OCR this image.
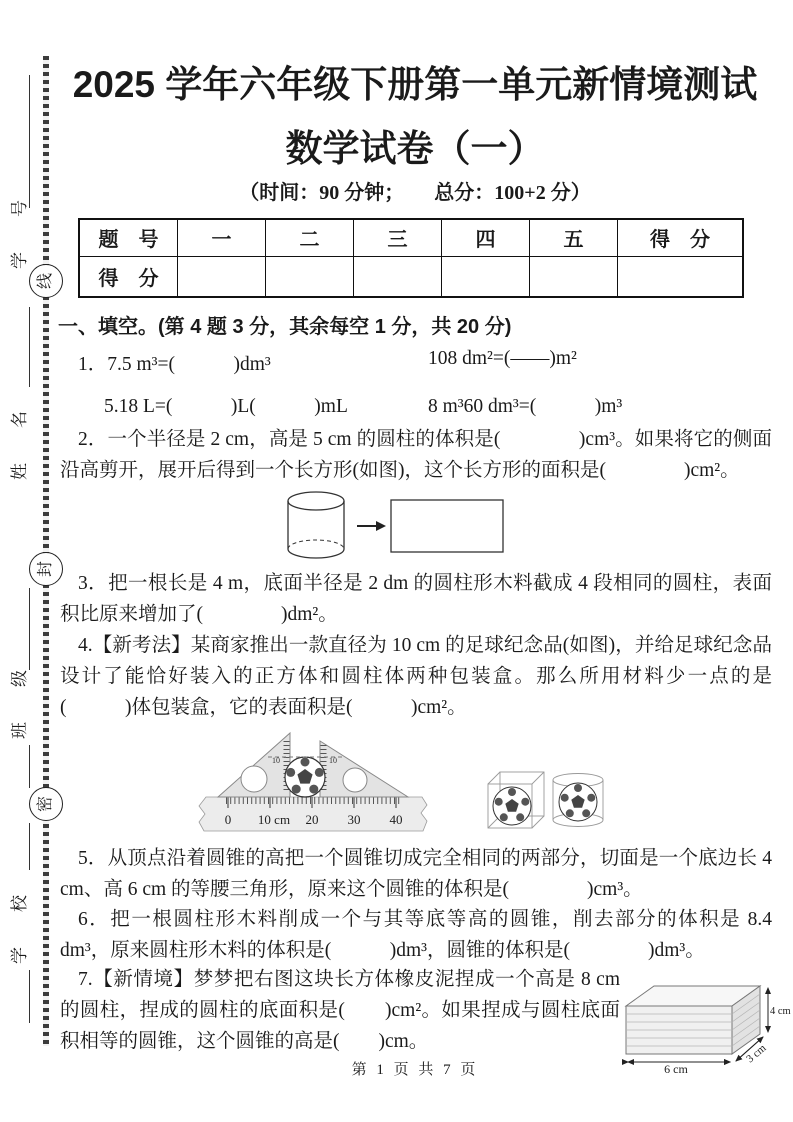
学　号
姓　名
班　级
学　校
线
封
密
2025 学年六年级下册第一单元新情境测试
数学试卷（一）
（时间：90 分钟；　　总分：100+2 分）
题　号	一	二	三	四	五	得　分
得　分						
一、填空。(第 4 题 3 分，其余每空 1 分，共 20 分)
1．7.5 m³=(　　　)dm³	108 dm²=(——)m²
5.18 L=(　　　)L(　　　)mL	8 m³60 dm³=(　　　)m³
2．一个半径是 2 cm，高是 5 cm 的圆柱的体积是(　　　　)cm³。如果将它的侧面沿高剪开，展开后得到一个长方形(如图)，这个长方形的面积是(　　　　)cm²。
3．把一根长是 4 m，底面半径是 2 dm 的圆柱形木料截成 4 段相同的圆柱，表面积比原来增加了(　　　　)dm²。
4.【新考法】某商家推出一款直径为 10 cm 的足球纪念品(如图)，并给足球纪念品设计了能恰好装入的正方体和圆柱体两种包装盒。那么所用材料少一点的是(　　　)体包装盒，它的表面积是(　　　)cm²。
0 10 cm 20 30 40
10	10
5．从顶点沿着圆锥的高把一个圆锥切成完全相同的两部分，切面是一个底边长 4 cm、高 6 cm 的等腰三角形，原来这个圆锥的体积是(　　　　)cm³。
6．把一根圆柱形木料削成一个与其等底等高的圆锥，削去部分的体积是 8.4 dm³，原来圆柱形木料的体积是(　　　)dm³，圆锥的体积是(　　　　)dm³。
7.【新情境】梦梦把右图这块长方体橡皮泥捏成一个高是 8 cm 的圆柱，捏成的圆柱的底面积是(　　)cm²。如果捏成与圆柱底面积相等的圆锥，这个圆锥的高是(　　)cm。
6 cm
3 cm
4 cm
第 1 页 共 7 页
